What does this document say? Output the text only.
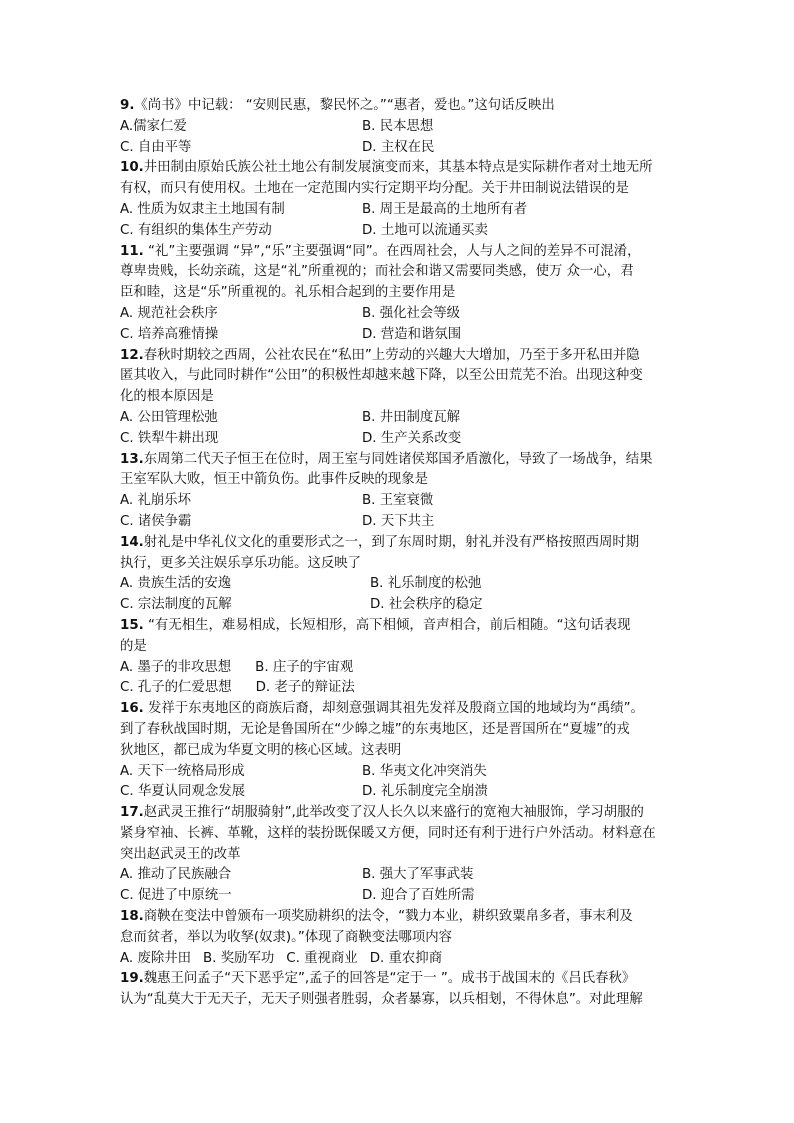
9.《尚书》中记载： “安则民惠，黎民怀之。”“惠者，爱也。”这句话反映出
A.儒家仁爱	B. 民本思想
C. 自由平等	D. 主权在民
10.井田制由原始氏族公社土地公有制发展演变而来，其基本特点是实际耕作者对土地无所
有权，而只有使用权。土地在一定范围内实行定期平均分配。关于井田制说法错误的是
A. 性质为奴隶主土地国有制	B. 周王是最高的土地所有者
C. 有组织的集体生产劳动	D. 土地可以流通买卖
11. “礼”主要强调 “异”,“乐”主要强调“同”。在西周社会，人与人之间的差异不可混淆，
尊卑贵贱，长幼亲疏，这是“礼”所重视的；而社会和谐又需要同类感，使万 众一心，君
臣和睦，这是“乐”所重视的。礼乐相合起到的主要作用是
A. 规范社会秩序	B. 强化社会等级
C. 培养高雅情操	D. 营造和谐氛围
12.春秋时期较之西周，公社农民在“私田”上劳动的兴趣大大增加，乃至于多开私田并隐
匿其收入，与此同时耕作“公田”的积极性却越来越下降，以至公田荒芜不治。出现这种变
化的根本原因是
A. 公田管理松弛	B. 井田制度瓦解
C. 铁犁牛耕出现	D. 生产关系改变
13.东周第二代天子恒王在位时，周王室与同姓诸侯郑国矛盾激化，导致了一场战争，结果
王室军队大败，恒王中箭负伤。此事件反映的现象是
A. 礼崩乐坏	B. 王室衰微
C. 诸侯争霸	D. 天下共主
14.射礼是中华礼仪文化的重要形式之一，到了东周时期，射礼并没有严格按照西周时期
执行，更多关注娱乐享乐功能。这反映了
A. 贵族生活的安逸	B. 礼乐制度的松弛
C. 宗法制度的瓦解	D. 社会秩序的稳定
15. “有无相生，难易相成，长短相形，高下相倾，音声相合，前后相随。“这句话表现
的是
A. 墨子的非攻思想 B. 庄子的宇宙观
C. 孔子的仁爱思想 D. 老子的辩证法
16. 发祥于东夷地区的商族后裔，却刻意强调其祖先发祥及殷商立国的地域均为“禹绩”。
到了春秋战国时期，无论是鲁国所在“少皞之墟”的东夷地区，还是晋国所在“夏墟”的戎
狄地区，都已成为华夏文明的核心区域。这表明
A. 天下一统格局形成	B. 华夷文化冲突消失
C. 华夏认同观念发展	D. 礼乐制度完全崩溃
17.赵武灵王推行“胡服骑射”,此举改变了汉人长久以来盛行的宽袍大袖服饰，学习胡服的
紧身窄袖、长裤、革靴，这样的装扮既保暖又方便，同时还有利于进行户外活动。材料意在
突出赵武灵王的改革
A. 推动了民族融合	B. 强大了军事武装
C. 促进了中原统一	D. 迎合了百姓所需
18.商鞅在变法中曾颁布一项奖励耕织的法令，“戮力本业，耕织致粟帛多者，事末利及
怠而贫者，举以为收孥(奴隶)。”体现了商鞅变法哪项内容
A. 废除井田 B. 奖励军功 C. 重视商业 D. 重农抑商
19.魏惠王问孟子“天下恶乎定”,孟子的回答是“定于一 ”。成书于战国末的《吕氏春秋》
认为“乱莫大于无天子，无天子则强者胜弱，众者暴寡，以兵相刬，不得休息”。对此理解
